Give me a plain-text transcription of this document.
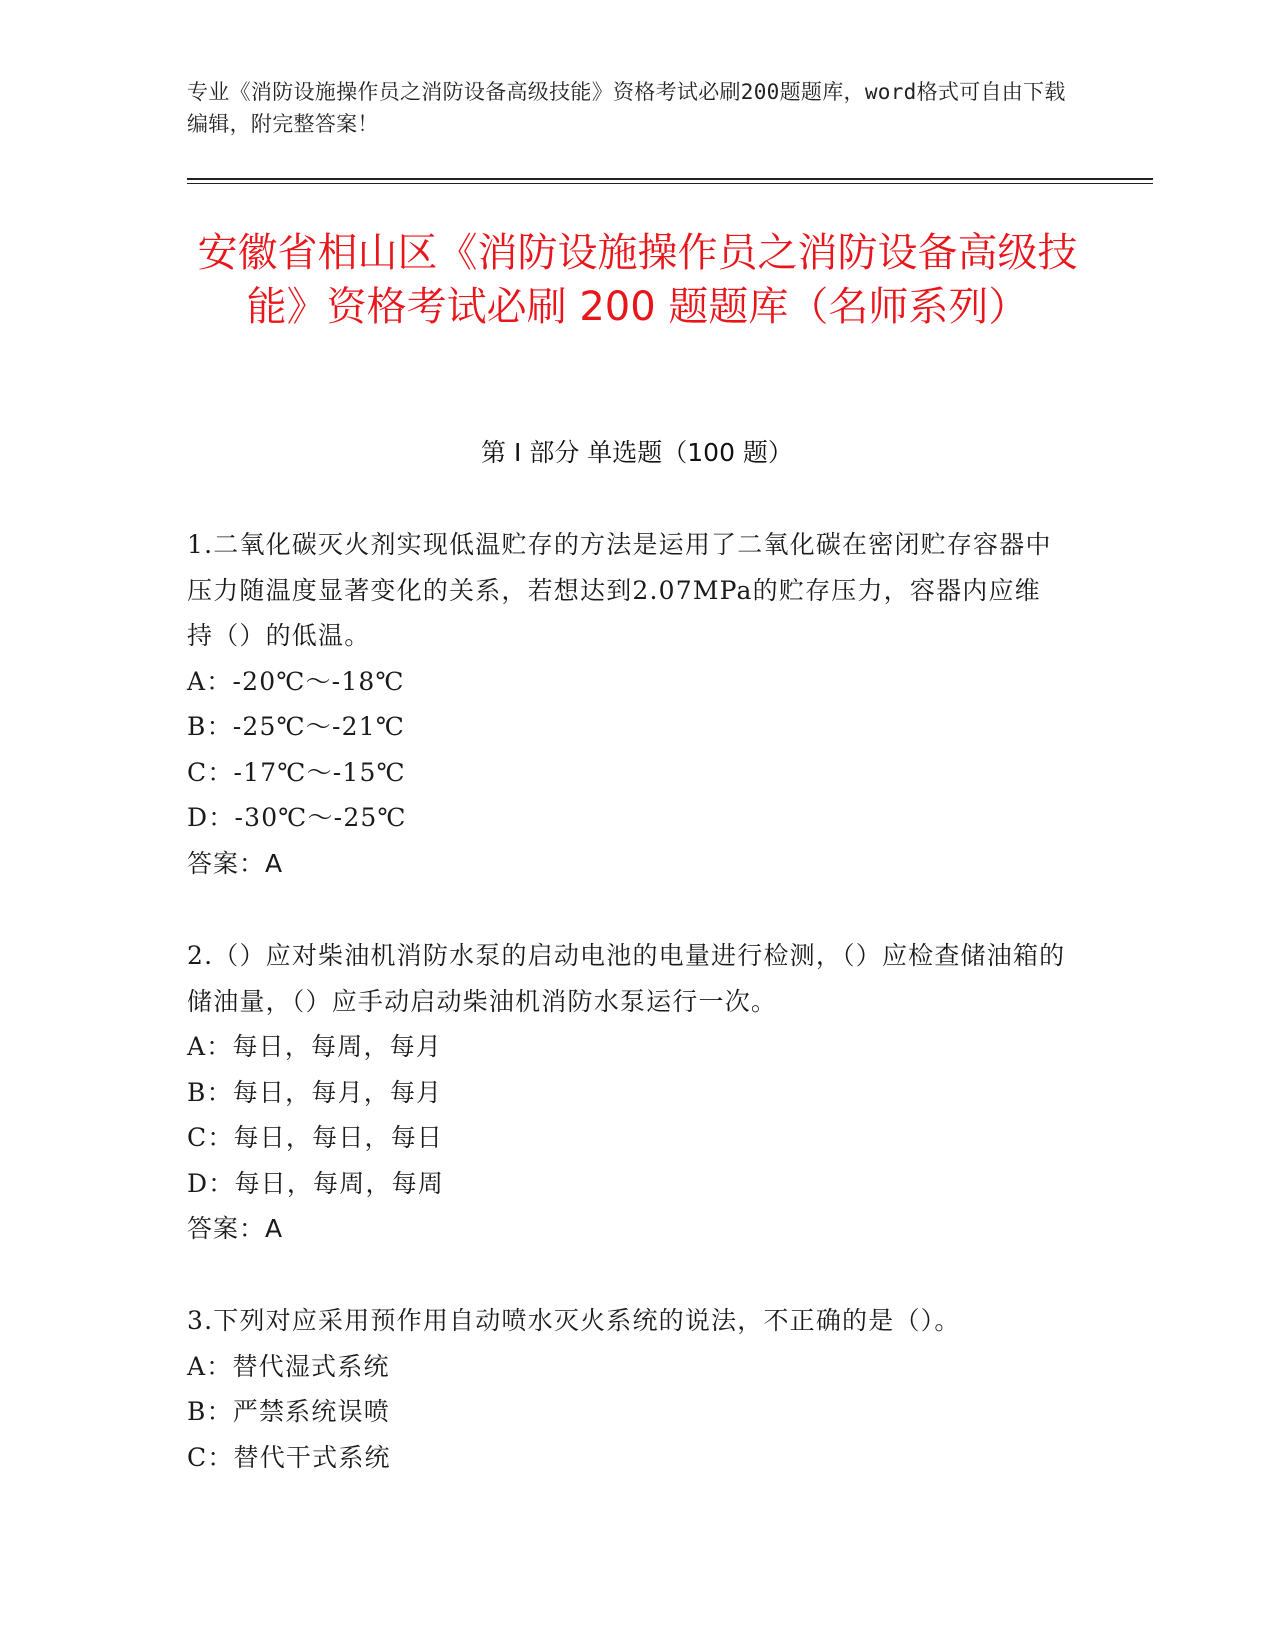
专业《消防设施操作员之消防设备高级技能》资格考试必刷200题题库，word格式可自由下载编辑，附完整答案！
安徽省相山区《消防设施操作员之消防设备高级技能》资格考试必刷 200 题题库（名师系列）
第 I 部分 单选题（100 题）
1.二氧化碳灭火剂实现低温贮存的方法是运用了二氧化碳在密闭贮存容器中压力随温度显著变化的关系，若想达到2.07MPa的贮存压力，容器内应维持（）的低温。
A：-20℃～-18℃
B：-25℃～-21℃
C：-17℃～-15℃
D：-30℃～-25℃
答案：A
2.（）应对柴油机消防水泵的启动电池的电量进行检测，（）应检查储油箱的储油量，（）应手动启动柴油机消防水泵运行一次。
A：每日，每周，每月
B：每日，每月，每月
C：每日，每日，每日
D：每日，每周，每周
答案：A
3.下列对应采用预作用自动喷水灭火系统的说法，不正确的是（）。
A：替代湿式系统
B：严禁系统误喷
C：替代干式系统
